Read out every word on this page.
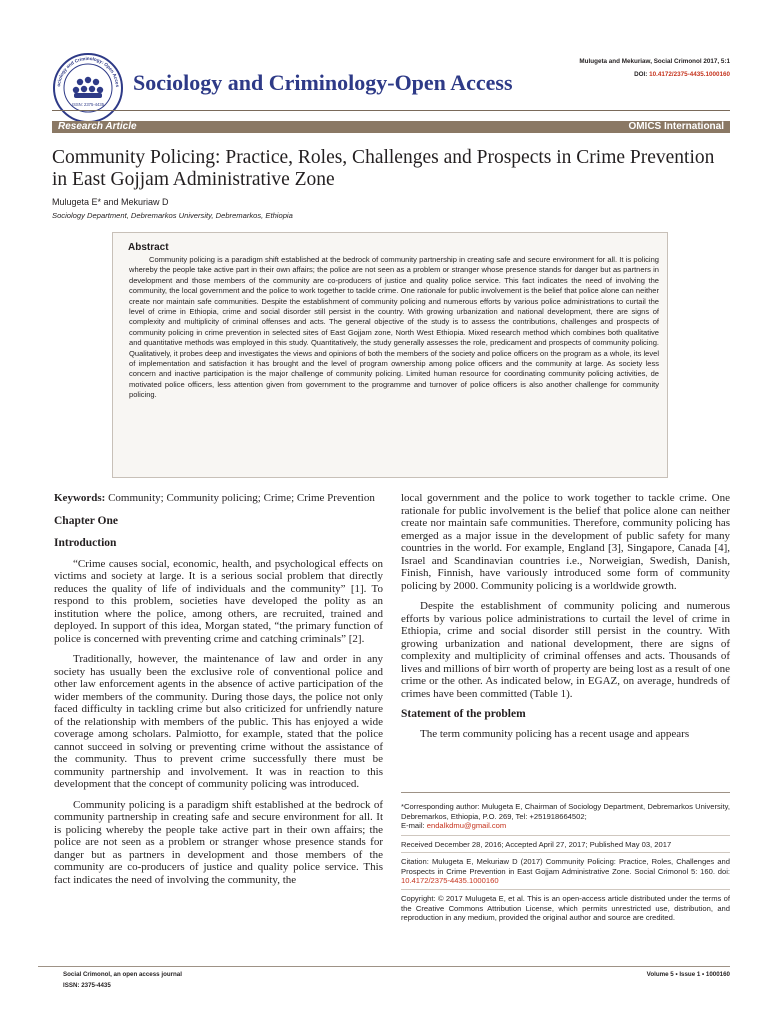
ISSN: 2375-4435
ociology and Criminology: Open Acces Sociology and Criminology-Open Access
Mulugeta and Mekuriaw, Social Crimonol 2017, 5:1
DOI: 10.4172/2375-4435.1000160
Research Article	OMICS International
Community Policing: Practice, Roles, Challenges and Prospects in Crime Prevention in East Gojjam Administrative Zone
Mulugeta E* and Mekuriaw D
Sociology Department, Debremarkos University, Debremarkos, Ethiopia
Abstract
Community policing is a paradigm shift established at the bedrock of community partnership in creating safe and secure environment for all. It is policing whereby the people take active part in their own affairs; the police are not seen as a problem or stranger whose presence stands for danger but as partners in development and those members of the community are co-producers of justice and quality police service. This fact indicates the need of involving the community, the local government and the police to work together to tackle crime. One rationale for public involvement is the belief that police alone can neither create nor maintain safe communities. Despite the establishment of community policing and numerous efforts by various police administrations to curtail the level of crime in Ethiopia, crime and social disorder still persist in the country. With growing urbanization and national development, there are signs of complexity and multiplicity of criminal offenses and acts. The general objective of the study is to assess the contributions, challenges and prospects of community policing in crime prevention in selected sites of East Gojjam zone, North West Ethiopia. Mixed research method which combines both qualitative and quantitative methods was employed in this study. Quantitatively, the study generally assesses the role, predicament and prospects of community policing. Qualitatively, it probes deep and investigates the views and opinions of both the members of the society and police officers on the program as a whole, its level of implementation and satisfaction it has brought and the level of program ownership among police officers and the community at large. As society less concern and inactive participation is the major challenge of community policing. Limited human resource for coordinating community policing activities, de motivated police officers, less attention given from government to the programme and turnover of police officers is also another challenge for community policing.

Keywords: Community; Community policing; Crime; Crime Prevention

Chapter One
Introduction

“Crime causes social, economic, health, and psychological effects on victims and society at large. It is a serious social problem that directly reduces the quality of life of individuals and the community” [1]. To respond to this problem, societies have developed the polity as an institution where the police, among others, are recruited, trained and deployed. In support of this idea, Morgan stated, “the primary function of police is concerned with preventing crime and catching criminals” [2].

Traditionally, however, the maintenance of law and order in any society has usually been the exclusive role of conventional police and other law enforcement agents in the absence of active participation of the wider members of the community. During those days, the police not only faced difficulty in tackling crime but also criticized for unfriendly nature of the relationship with members of the public. This has enjoyed a wide coverage among scholars. Palmiotto, for example, stated that the police cannot succeed in solving or preventing crime without the assistance of the community. Thus to prevent crime successfully there must be community partnership and involvement. It was in reaction to this development that the concept of community policing was introduced.

Community policing is a paradigm shift established at the bedrock of community partnership in creating safe and secure environment for all. It is policing whereby the people take active part in their own affairs; the police are not seen as a problem or stranger whose presence stands for danger but as partners in development and those members of the community are co-producers of justice and quality police service. This fact indicates the need of involving the community, the

local government and the police to work together to tackle crime. One rationale for public involvement is the belief that police alone can neither create nor maintain safe communities. Therefore, community policing has emerged as a major issue in the development of public safety for many countries in the world. For example, England [3], Singapore, Canada [4], Israel and Scandinavian countries i.e., Norweigian, Swedish, Danish, Finish, Finnish, have variously introduced some form of community policing by 2000. Community policing is a worldwide growth.

Despite the establishment of community policing and numerous efforts by various police administrations to curtail the level of crime in Ethiopia, crime and social disorder still persist in the country. With growing urbanization and national development, there are signs of complexity and multiplicity of criminal offenses and acts. Thousands of lives and millions of birr worth of property are being lost as a result of one crime or the other. As indicated below, in EGAZ, on average, hundreds of crimes have been committed (Table 1).

Statement of the problem

The term community policing has a recent usage and appears

*Corresponding author: Mulugeta E, Chairman of Sociology Department, Debremarkos University, Debremarkos, Ethiopia, P.O. 269, Tel: +251918664502;
E-mail: endalkdmu@gmail.com
Received December 28, 2016; Accepted April 27, 2017; Published May 03, 2017
Citation: Mulugeta E, Mekuriaw D (2017) Community Policing: Practice, Roles, Challenges and Prospects in Crime Prevention in East Gojjam Administrative Zone. Social Crimonol 5: 160. doi: 10.4172/2375-4435.1000160
Copyright: © 2017 Mulugeta E, et al. This is an open-access article distributed under the terms of the Creative Commons Attribution License, which permits unrestricted use, distribution, and reproduction in any medium, provided the original author and source are credited.
Social Crimonol, an open access journal
ISSN: 2375-4435
Volume 5 • Issue 1 • 1000160
